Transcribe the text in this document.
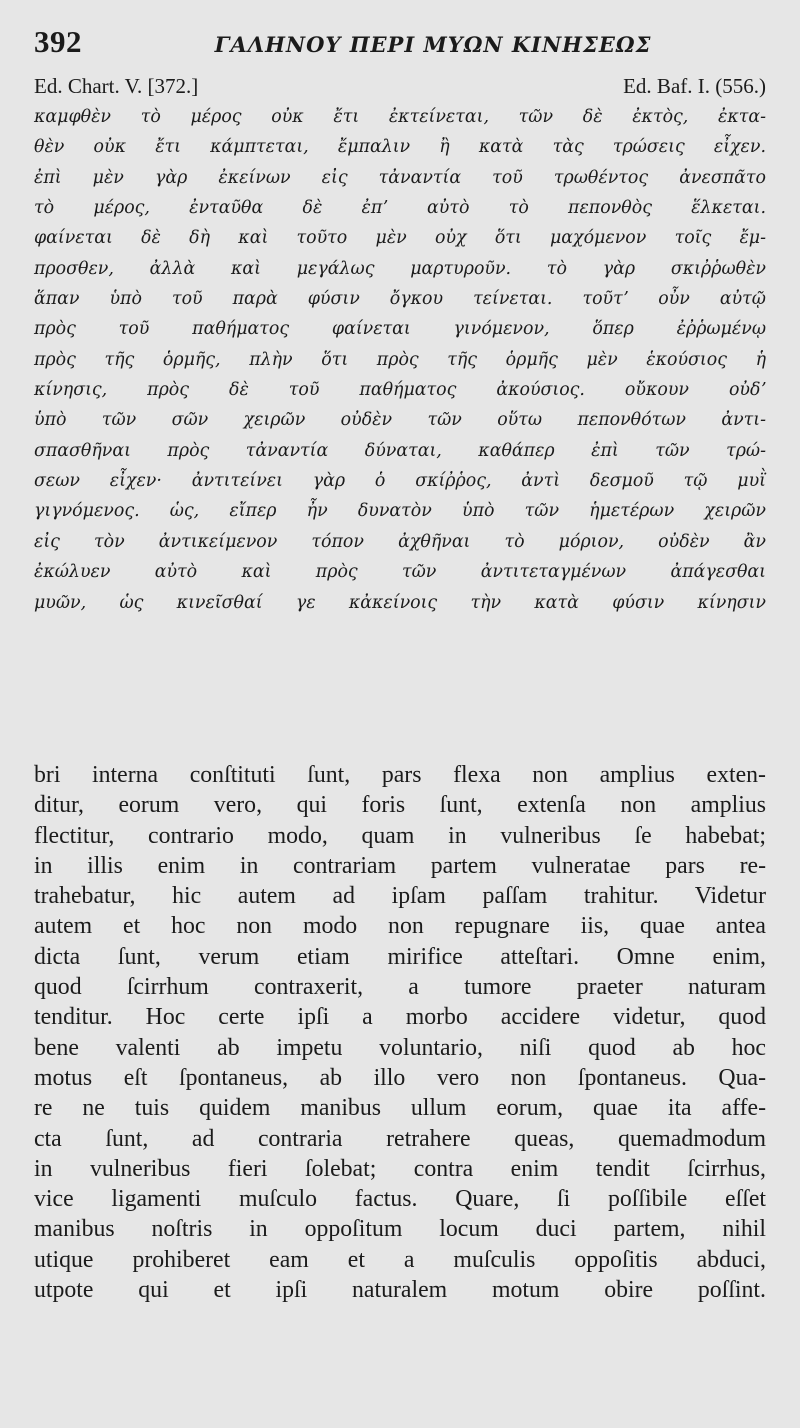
392	ΓΑΛΗΝΟΥ ΠΕΡΙ ΜΥΩΝ ΚΙΝΗΣΕΩΣ
Ed. Chart. V. [372.]	Ed. Baf. I. (556.)
καμφθὲν τὸ μέρος οὐκ ἔτι ἐκτείνεται, τῶν δὲ ἐκτὸς, ἐκτα-
θὲν οὐκ ἔτι κάμπτεται, ἔμπαλιν ἢ κατὰ τὰς τρώσεις εἶχεν.
ἐπὶ μὲν γὰρ ἐκείνων εἰς τἀναντία τοῦ τρωθέντος ἀνεσπᾶτο
τὸ μέρος, ἐνταῦθα δὲ ἐπʼ αὐτὸ τὸ πεπονθὸς ἕλκεται.
φαίνεται δὲ δὴ καὶ τοῦτο μὲν οὐχ ὅτι μαχόμενον τοῖς ἔμ-
προσθεν, ἀλλὰ καὶ μεγάλως μαρτυροῦν. τὸ γὰρ σκιῤῥωθὲν
ἅπαν ὑπὸ τοῦ παρὰ φύσιν ὄγκου τείνεται. τοῦτʼ οὖν αὐτῷ
πρὸς τοῦ παθήματος φαίνεται γινόμενον, ὅπερ ἐῤῥωμένῳ
πρὸς τῆς ὁρμῆς, πλὴν ὅτι πρὸς τῆς ὁρμῆς μὲν ἑκούσιος ἡ
κίνησις, πρὸς δὲ τοῦ παθήματος ἀκούσιος. οὔκουν οὐδʼ
ὑπὸ τῶν σῶν χειρῶν οὐδὲν τῶν οὕτω πεπονθότων ἀντι-
σπασθῆναι πρὸς τἀναντία δύναται, καθάπερ ἐπὶ τῶν τρώ-
σεων εἶχεν· ἀντιτείνει γὰρ ὁ σκίῤῥος, ἀντὶ δεσμοῦ τῷ μυῒ
γιγνόμενος. ὡς, εἴπερ ἦν δυνατὸν ὑπὸ τῶν ἡμετέρων χειρῶν
εἰς τὸν ἀντικείμενον τόπον ἀχθῆναι τὸ μόριον, οὐδὲν ἂν
ἐκώλυεν αὐτὸ καὶ πρὸς τῶν ἀντιτεταγμένων ἀπάγεσθαι
μυῶν, ὡς κινεῖσθαί γε κἀκείνοις τὴν κατὰ φύσιν κίνησιν
bri interna conſtituti ſunt, pars flexa non amplius exten-
ditur, eorum vero, qui foris ſunt, extenſa non amplius
flectitur, contrario modo, quam in vulneribus ſe habebat;
in illis enim in contrariam partem vulneratae pars re-
trahebatur, hic autem ad ipſam paſſam trahitur. Videtur
autem et hoc non modo non repugnare iis, quae antea
dicta ſunt, verum etiam mirifice atteſtari. Omne enim,
quod ſcirrhum contraxerit, a tumore praeter naturam
tenditur. Hoc certe ipſi a morbo accidere videtur, quod
bene valenti ab impetu voluntario, niſi quod ab hoc
motus eſt ſpontaneus, ab illo vero non ſpontaneus. Qua-
re ne tuis quidem manibus ullum eorum, quae ita affe-
cta ſunt, ad contraria retrahere queas, quemadmodum
in vulneribus fieri ſolebat; contra enim tendit ſcirrhus,
vice ligamenti muſculo factus. Quare, ſi poſſibile eſſet
manibus noſtris in oppoſitum locum duci partem, nihil
utique prohiberet eam et a muſculis oppoſitis abduci,
utpote qui et ipſi naturalem motum obire poſſint.
